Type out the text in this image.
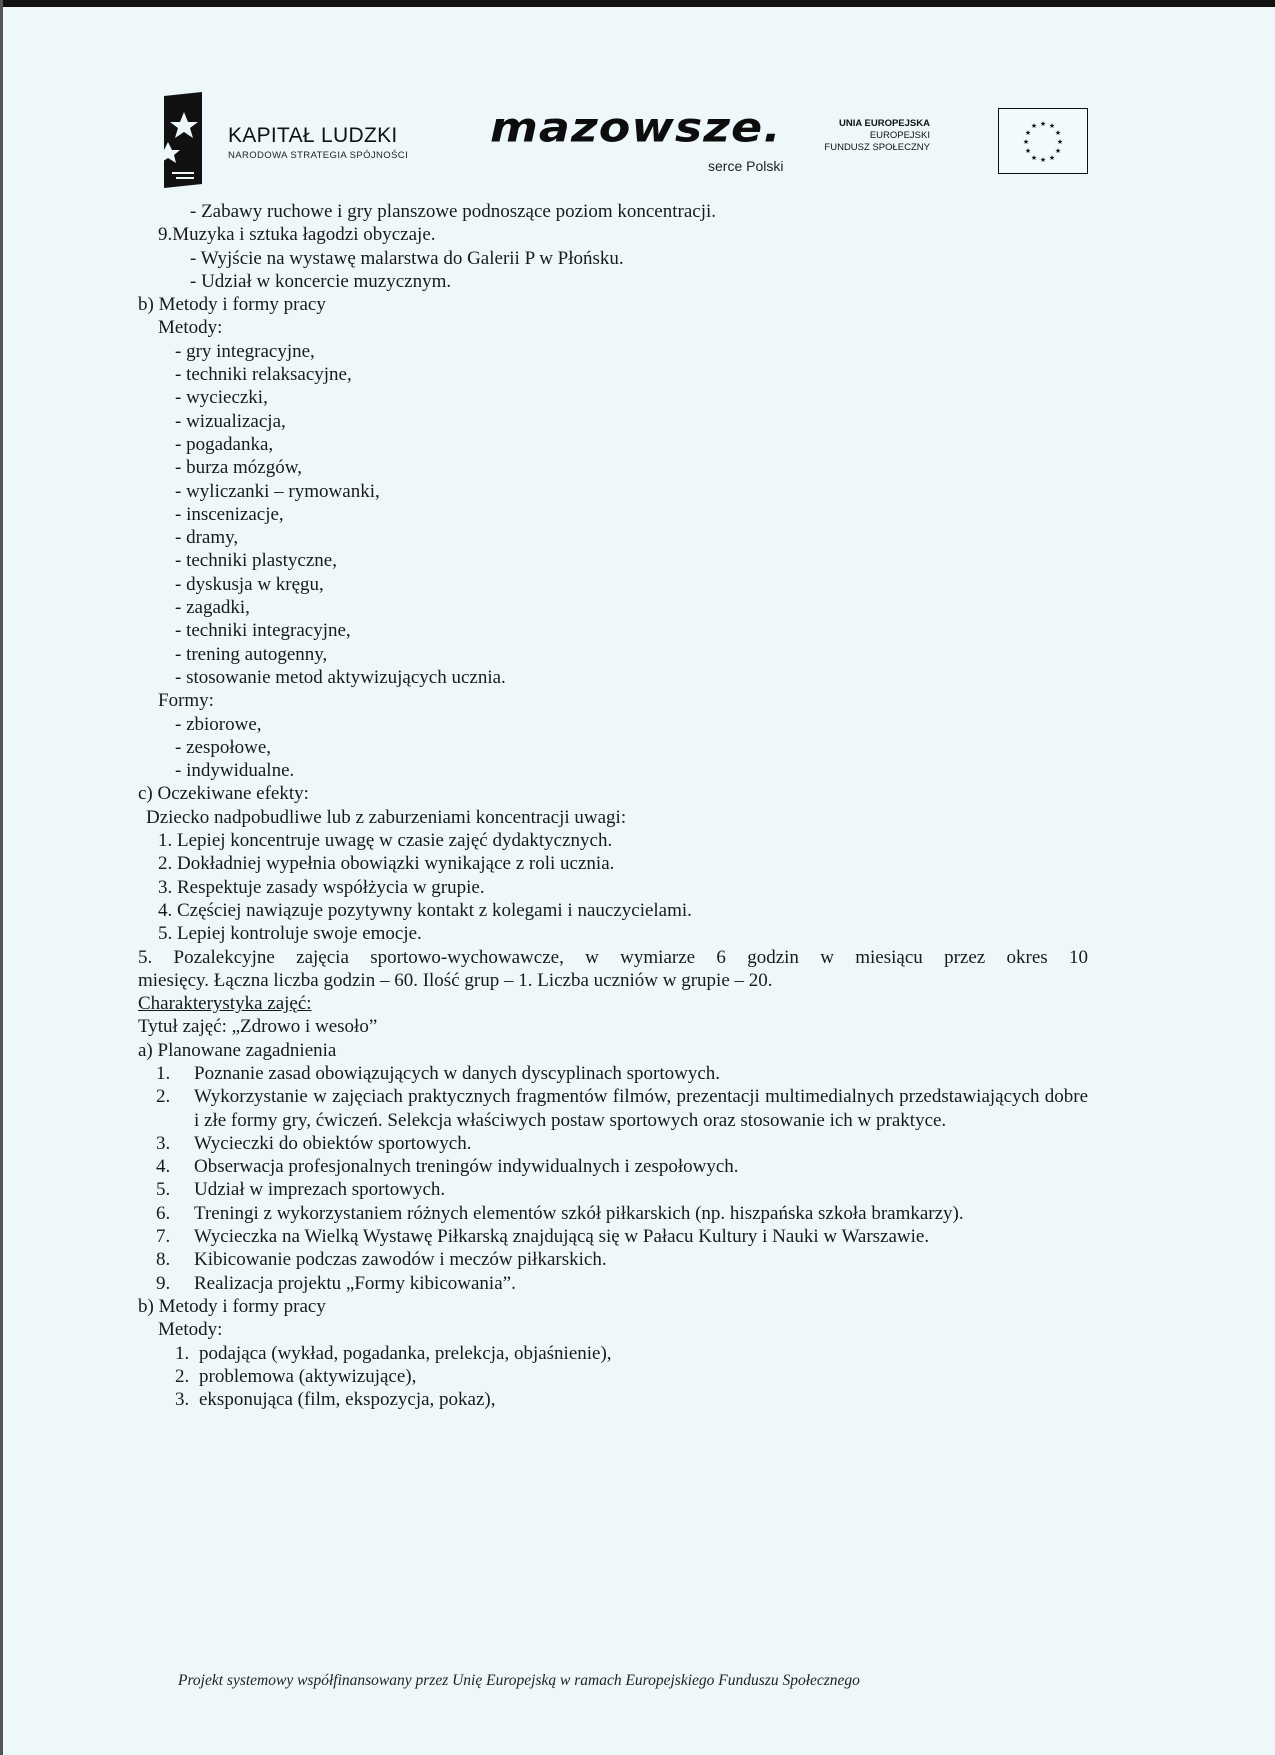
KAPITAŁ LUDZKI
NARODOWA STRATEGIA SPÓJNOŚCI
mazowsze.
serce Polski
UNIA EUROPEJSKA
EUROPEJSKI
FUNDUSZ SPOŁECZNY
★ ★
★
★
★
★
★
★
★
★
★
★
- Zabawy ruchowe i gry planszowe podnoszące poziom koncentracji.
9.Muzyka i sztuka łagodzi obyczaje.
- Wyjście na wystawę malarstwa do Galerii P w Płońsku.
- Udział w koncercie muzycznym.
b) Metody i formy pracy
Metody:
- gry integracyjne,
- techniki relaksacyjne,
- wycieczki,
- wizualizacja,
- pogadanka,
- burza mózgów,
- wyliczanki – rymowanki,
- inscenizacje,
- dramy,
- techniki plastyczne,
- dyskusja w kręgu,
- zagadki,
- techniki integracyjne,
- trening autogenny,
- stosowanie metod aktywizujących ucznia.
Formy:
- zbiorowe,
- zespołowe,
- indywidualne.
c) Oczekiwane efekty:
Dziecko nadpobudliwe lub z zaburzeniami koncentracji uwagi:
1. Lepiej koncentruje uwagę w czasie zajęć dydaktycznych.
2. Dokładniej wypełnia obowiązki wynikające z roli ucznia.
3. Respektuje zasady współżycia w grupie.
4. Częściej nawiązuje pozytywny kontakt z kolegami i nauczycielami.
5. Lepiej kontroluje swoje emocje.
5. Pozalekcyjne zajęcia sportowo-wychowawcze, w wymiarze 6 godzin w miesiącu przez okres 10
miesięcy. Łączna liczba godzin – 60. Ilość grup – 1. Liczba uczniów w grupie – 20.
Charakterystyka zajęć:
Tytuł zajęć: „Zdrowo i wesoło”
a) Planowane zagadnienia
1.	Poznanie zasad obowiązujących w danych dyscyplinach sportowych.
2.	Wykorzystanie w zajęciach praktycznych fragmentów filmów, prezentacji multimedialnych przedstawiających dobre i złe formy gry, ćwiczeń. Selekcja właściwych postaw sportowych oraz stosowanie ich w praktyce.
3.	Wycieczki do obiektów sportowych.
4.	Obserwacja profesjonalnych treningów indywidualnych i zespołowych.
5.	Udział w imprezach sportowych.
6.	Treningi z wykorzystaniem różnych elementów szkół piłkarskich (np. hiszpańska szkoła bramkarzy).
7.	Wycieczka na Wielką Wystawę Piłkarską znajdującą się w Pałacu Kultury i Nauki w Warszawie.
8.	Kibicowanie podczas zawodów i meczów piłkarskich.
9.	Realizacja projektu „Formy kibicowania”.
b) Metody i formy pracy
Metody:
1. podająca (wykład, pogadanka, prelekcja, objaśnienie),
2. problemowa (aktywizujące),
3. eksponująca (film, ekspozycja, pokaz),
Projekt systemowy współfinansowany przez Unię Europejską w ramach Europejskiego Funduszu Społecznego
